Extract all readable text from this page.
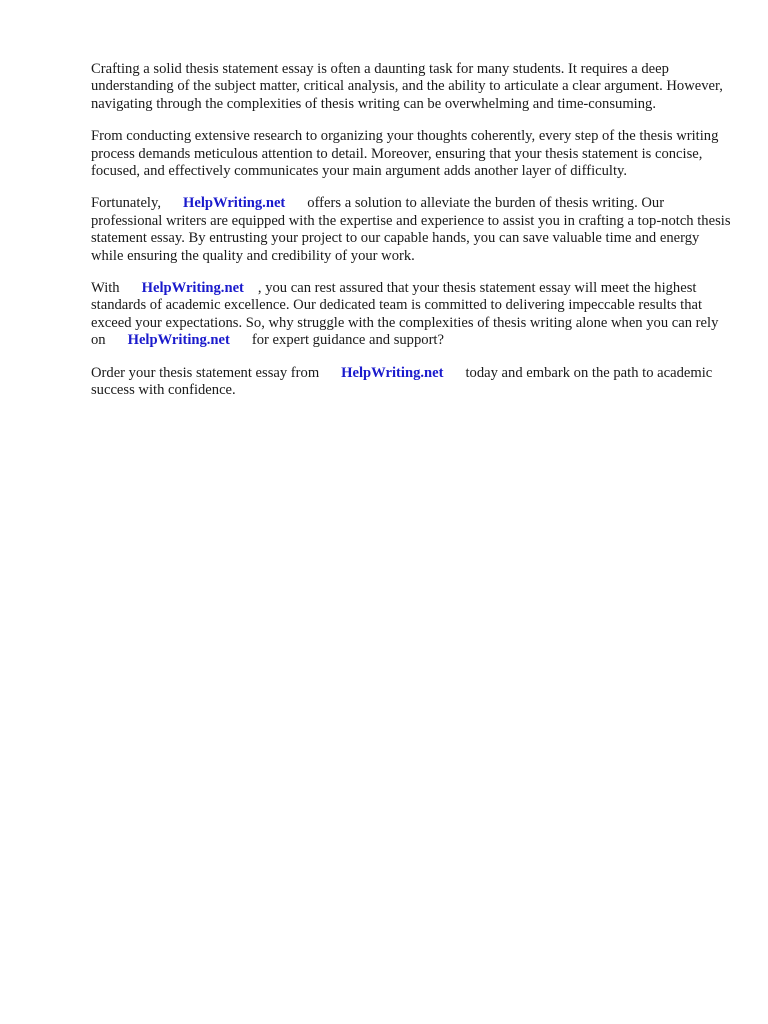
Crafting a solid thesis statement essay is often a daunting task for many students. It requires a deep understanding of the subject matter, critical analysis, and the ability to articulate a clear argument. However, navigating through the complexities of thesis writing can be overwhelming and time-consuming.

From conducting extensive research to organizing your thoughts coherently, every step of the thesis writing process demands meticulous attention to detail. Moreover, ensuring that your thesis statement is concise, focused, and effectively communicates your main argument adds another layer of difficulty.

Fortunately, HelpWriting.net offers a solution to alleviate the burden of thesis writing. Our professional writers are equipped with the expertise and experience to assist you in crafting a top-notch thesis statement essay. By entrusting your project to our capable hands, you can save valuable time and energy while ensuring the quality and credibility of your work.

With HelpWriting.net , you can rest assured that your thesis statement essay will meet the highest standards of academic excellence. Our dedicated team is committed to delivering impeccable results that exceed your expectations. So, why struggle with the complexities of thesis writing alone when you can rely on HelpWriting.net for expert guidance and support?

Order your thesis statement essay from HelpWriting.net today and embark on the path to academic success with confidence.
